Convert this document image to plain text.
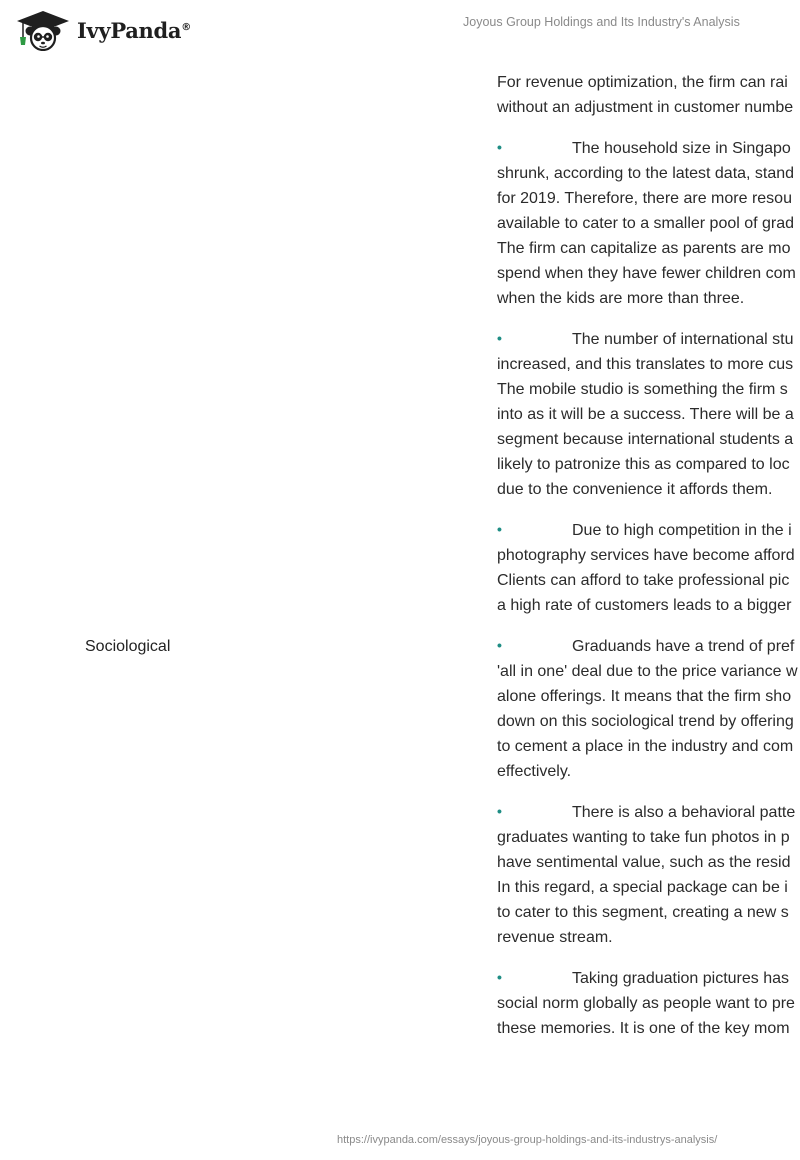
IvyPanda®	Joyous Group Holdings and Its Industry's Analysis
Sociological

For revenue optimization, the firm can rai
without an adjustment in customer numbe

•	The household size in Singapo
shrunk, according to the latest data, stand
for 2019. Therefore, there are more resou
available to cater to a smaller pool of grad
The firm can capitalize as parents are mo
spend when they have fewer children com
when the kids are more than three.

•	The number of international stu
increased, and this translates to more cus
The mobile studio is something the firm s
into as it will be a success. There will be a
segment because international students a
likely to patronize this as compared to loc
due to the convenience it affords them.

•	Due to high competition in the i
photography services have become afford
Clients can afford to take professional pic
a high rate of customers leads to a bigger

•	Graduands have a trend of pref
'all in one' deal due to the price variance w
alone offerings. It means that the firm sho
down on this sociological trend by offering
to cement a place in the industry and com
effectively.

•	There is also a behavioral patte
graduates wanting to take fun photos in p
have sentimental value, such as the resid
In this regard, a special package can be i
to cater to this segment, creating a new s
revenue stream.

•	Taking graduation pictures has
social norm globally as people want to pre
these memories. It is one of the key mom

https://ivypanda.com/essays/joyous-group-holdings-and-its-industrys-analysis/
